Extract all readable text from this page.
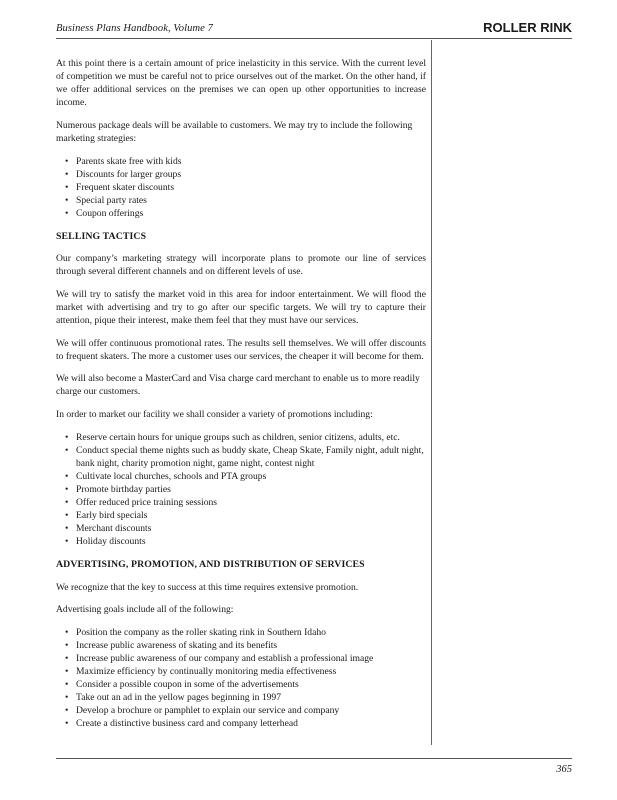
Business Plans Handbook, Volume 7	ROLLER RINK

At this point there is a certain amount of price inelasticity in this service. With the current level of competition we must be careful not to price ourselves out of the market. On the other hand, if we offer additional services on the premises we can open up other opportunities to increase income.

Numerous package deals will be available to customers. We may try to include the following marketing strategies:

• Parents skate free with kids
• Discounts for larger groups
• Frequent skater discounts
• Special party rates
• Coupon offerings
SELLING TACTICS

Our company’s marketing strategy will incorporate plans to promote our line of services through several different channels and on different levels of use.

We will try to satisfy the market void in this area for indoor entertainment. We will flood the market with advertising and try to go after our specific targets. We will try to capture their attention, pique their interest, make them feel that they must have our services.

We will offer continuous promotional rates. The results sell themselves. We will offer discounts to frequent skaters. The more a customer uses our services, the cheaper it will become for them.

We will also become a MasterCard and Visa charge card merchant to enable us to more readily charge our customers.

In order to market our facility we shall consider a variety of promotions including:

• Reserve certain hours for unique groups such as children, senior citizens, adults, etc.
• Conduct special theme nights such as buddy skate, Cheap Skate, Family night, adult night, bank night, charity promotion night, game night, contest night
• Cultivate local churches, schools and PTA groups
• Promote birthday parties
• Offer reduced price training sessions
• Early bird specials
• Merchant discounts
• Holiday discounts
ADVERTISING, PROMOTION, AND DISTRIBUTION OF SERVICES

We recognize that the key to success at this time requires extensive promotion.

Advertising goals include all of the following:

• Position the company as the roller skating rink in Southern Idaho
• Increase public awareness of skating and its benefits
• Increase public awareness of our company and establish a professional image
• Maximize efficiency by continually monitoring media effectiveness
• Consider a possible coupon in some of the advertisements
• Take out an ad in the yellow pages beginning in 1997
• Develop a brochure or pamphlet to explain our service and company
• Create a distinctive business card and company letterhead
365
